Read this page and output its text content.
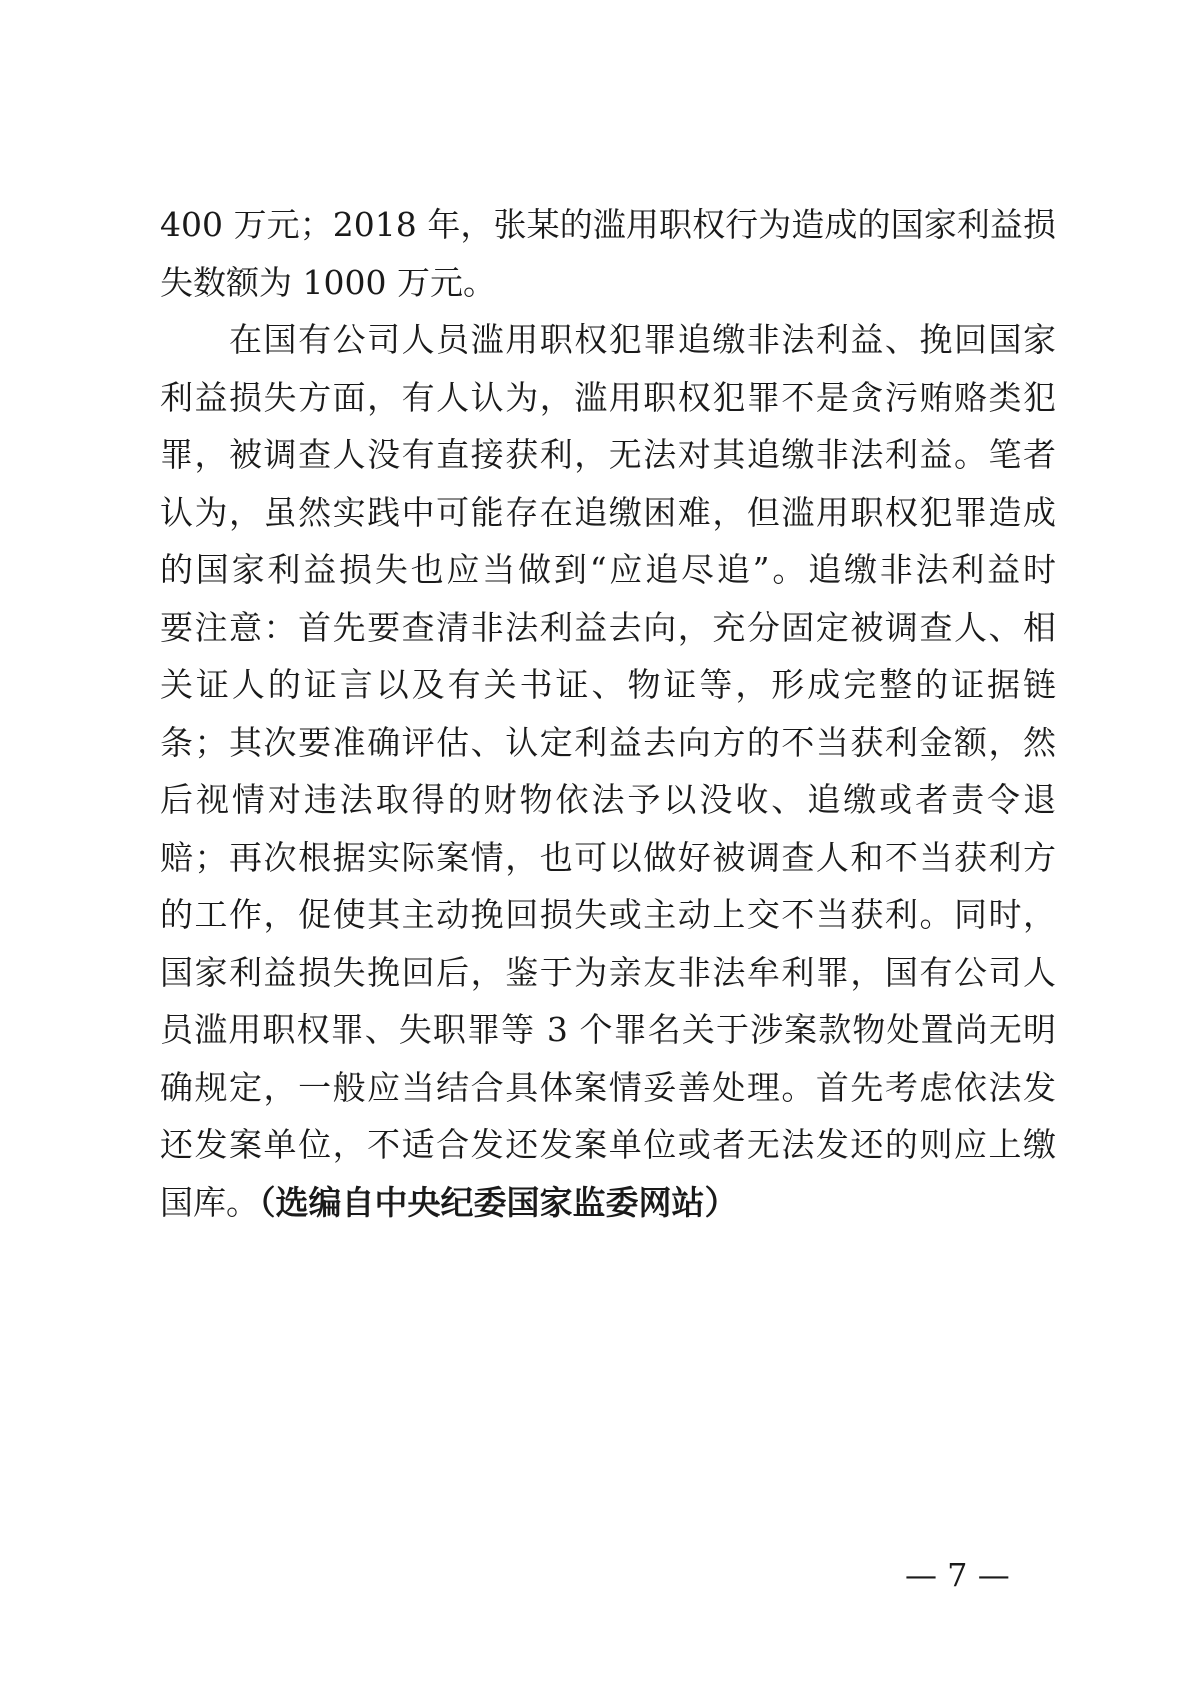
400 万元；2018 年，张某的滥用职权行为造成的国家利益损
失数额为 1000 万元。
　　在国有公司人员滥用职权犯罪追缴非法利益、挽回国家
利益损失方面，有人认为，滥用职权犯罪不是贪污贿赂类犯
罪，被调查人没有直接获利，无法对其追缴非法利益。笔者
认为，虽然实践中可能存在追缴困难，但滥用职权犯罪造成
的国家利益损失也应当做到“应追尽追”。追缴非法利益时
要注意：首先要查清非法利益去向，充分固定被调查人、相
关证人的证言以及有关书证、物证等，形成完整的证据链
条；其次要准确评估、认定利益去向方的不当获利金额，然
后视情对违法取得的财物依法予以没收、追缴或者责令退
赔；再次根据实际案情，也可以做好被调查人和不当获利方
的工作，促使其主动挽回损失或主动上交不当获利。同时，
国家利益损失挽回后，鉴于为亲友非法牟利罪，国有公司人
员滥用职权罪、失职罪等 3 个罪名关于涉案款物处置尚无明
确规定，一般应当结合具体案情妥善处理。首先考虑依法发
还发案单位，不适合发还发案单位或者无法发还的则应上缴
国库。（选编自中央纪委国家监委网站）
— 7 —
